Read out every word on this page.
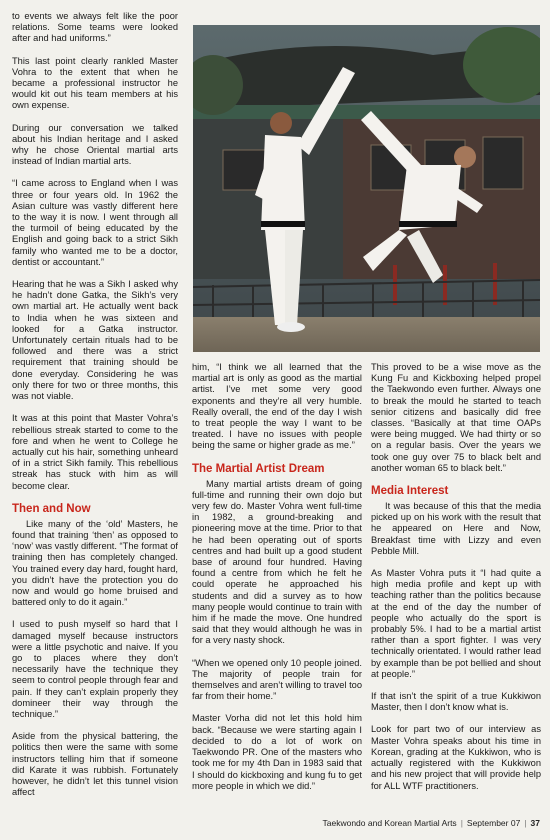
to events we always felt like the poor relations. Some teams were looked after and had uniforms.”

This last point clearly rankled Master Vohra to the extent that when he became a professional instructor he would kit out his team members at his own expense.

During our conversation we talked about his Indian heritage and I asked why he chose Oriental martial arts instead of Indian martial arts.

“I came across to England when I was three or four years old. In 1962 the Asian culture was vastly different here to the way it is now. I went through all the turmoil of being educated by the English and going back to a strict Sikh family who wanted me to be a doctor, dentist or accountant.”

Hearing that he was a Sikh I asked why he hadn’t done Gatka, the Sikh’s very own martial art. He actually went back to India when he was sixteen and looked for a Gatka instructor. Unfortunately certain rituals had to be followed and there was a strict requirement that training should be done everyday. Considering he was only there for two or three months, this was not viable.

It was at this point that Master Vohra’s rebellious streak started to come to the fore and when he went to College he actually cut his hair, something unheard of in a strict Sikh family. This rebellious streak has stuck with him as will become clear.

Then and Now

Like many of the ‘old’ Masters, he found that training ‘then’ as opposed to ‘now’ was vastly different. “The format of training then has completely changed. You trained every day hard, fought hard, you didn’t have the protection you do now and would go home bruised and battered only to do it again.”

I used to push myself so hard that I damaged myself because instructors were a little psychotic and naive. If you go to places where they don’t necessarily have the technique they seem to control people through fear and pain. If they can’t explain properly they domineer their way through the technique.”

Aside from the physical battering, the politics then were the same with some instructors telling him that if someone did Karate it was rubbish. Fortunately however, he didn’t let this tunnel vision affect

him, “I think we all learned that the martial art is only as good as the martial artist. I’ve met some very good exponents and they’re all very humble. Really overall, the end of the day I wish to treat people the way I want to be treated. I have no issues with people being the same or higher grade as me.”

The Martial Artist Dream

Many martial artists dream of going full-time and running their own dojo but very few do. Master Vohra went full-time in 1982, a ground-breaking and pioneering move at the time. Prior to that he had been operating out of sports centres and had built up a good student base of around four hundred. Having found a centre from which he felt he could operate he approached his students and did a survey as to how many people would continue to train with him if he made the move. One hundred said that they would although he was in for a very nasty shock.

“When we opened only 10 people joined. The majority of people train for themselves and aren’t willing to travel too far from their home.”

Master Vorha did not let this hold him back. “Because we were starting again I decided to do a lot of work on Taekwondo PR. One of the masters who took me for my 4th Dan in 1983 said that I should do kickboxing and kung fu to get more people in which we did.”

This proved to be a wise move as the Kung Fu and Kickboxing helped propel the Taekwondo even further. Always one to break the mould he started to teach senior citizens and basically did free classes. “Basically at that time OAPs were being mugged. We had thirty or so on a regular basis. Over the years we took one guy over 75 to black belt and another woman 65 to black belt.”

Media Interest

It was because of this that the media picked up on his work with the result that he appeared on Here and Now, Breakfast time with Lizzy and even Pebble Mill.

As Master Vohra puts it “I had quite a high media profile and kept up with teaching rather than the politics because at the end of the day the number of people who actually do the sport is probably 5%. I had to be a martial artist rather than a sport fighter. I was very technically orientated. I would rather lead by example than be pot bellied and shout at people.”

If that isn’t the spirit of a true Kukkiwon Master, then I don’t know what is.

Look for part two of our interview as Master Vohra speaks about his time in Korean, grading at the Kukkiwon, who is actually registered with the Kukkiwon and his new project that will provide help for ALL WTF practitioners.

Taekwondo and Korean Martial Arts | September 07 | 37
